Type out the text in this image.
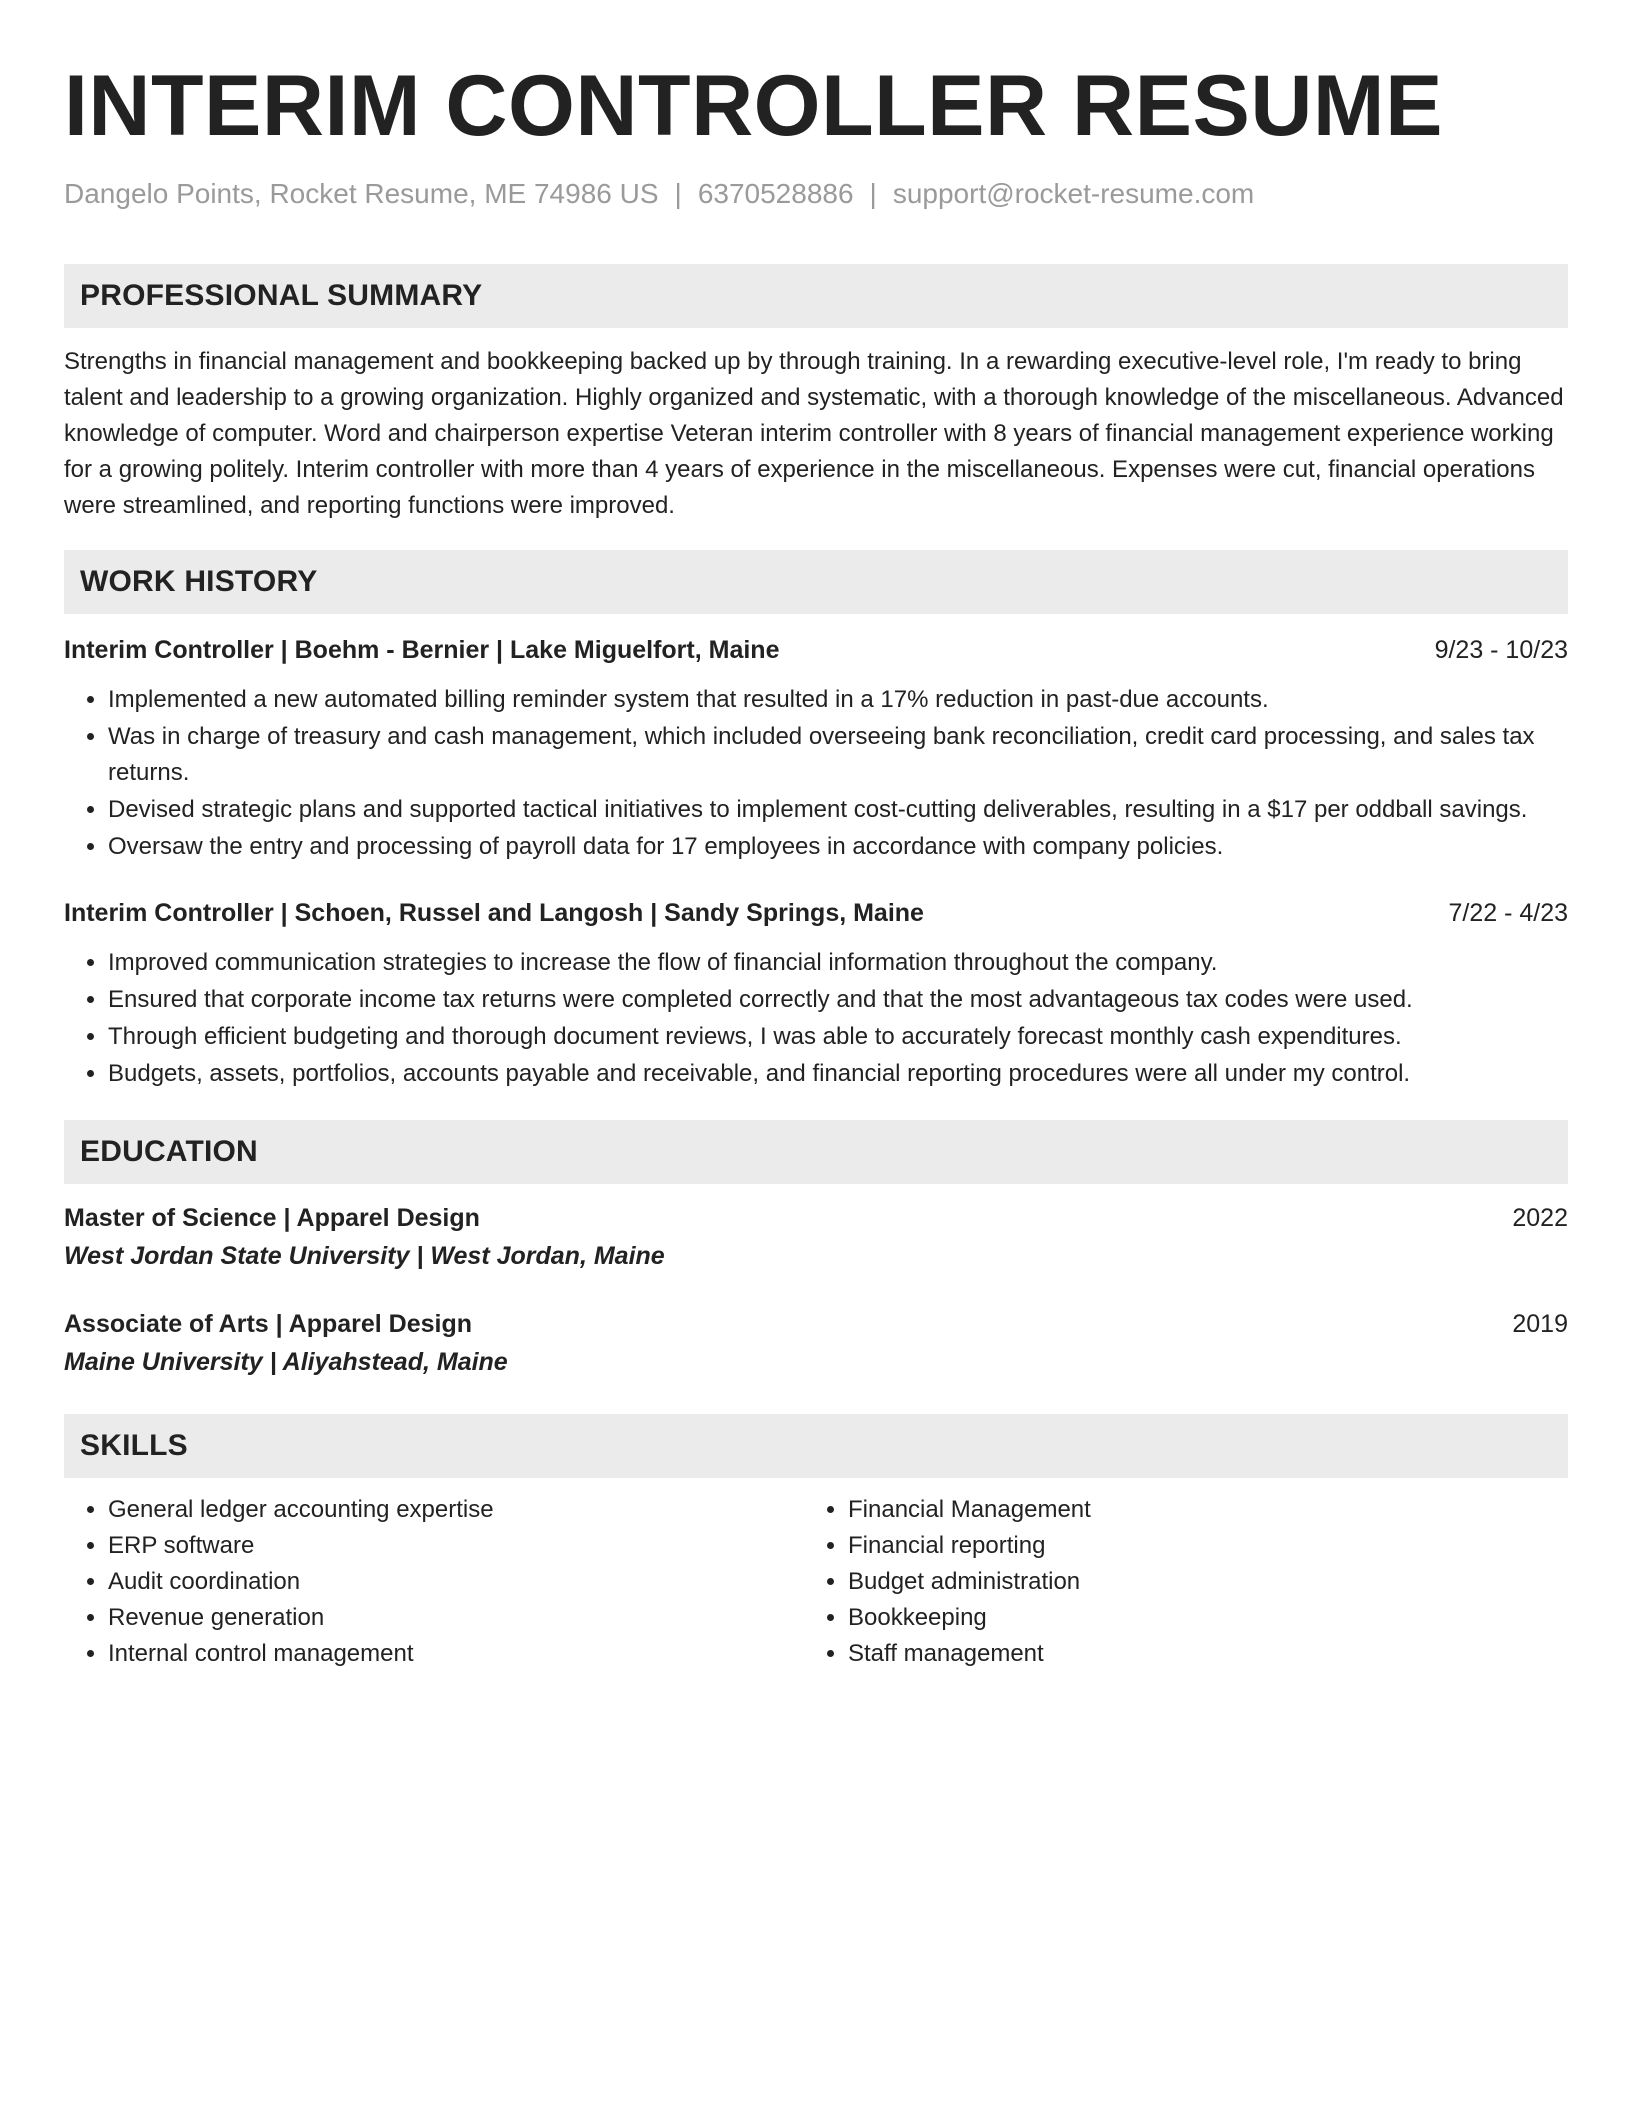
INTERIM CONTROLLER RESUME
Dangelo Points, Rocket Resume, ME 74986 US | 6370528886 | support@rocket-resume.com
PROFESSIONAL SUMMARY
Strengths in financial management and bookkeeping backed up by through training. In a rewarding executive-level role, I'm ready to bring talent and leadership to a growing organization. Highly organized and systematic, with a thorough knowledge of the miscellaneous. Advanced knowledge of computer. Word and chairperson expertise Veteran interim controller with 8 years of financial management experience working for a growing politely. Interim controller with more than 4 years of experience in the miscellaneous. Expenses were cut, financial operations were streamlined, and reporting functions were improved.
WORK HISTORY
Interim Controller | Boehm - Bernier | Lake Miguelfort, Maine	9/23 - 10/23
• Implemented a new automated billing reminder system that resulted in a 17% reduction in past-due accounts.
• Was in charge of treasury and cash management, which included overseeing bank reconciliation, credit card processing, and sales tax returns.
• Devised strategic plans and supported tactical initiatives to implement cost-cutting deliverables, resulting in a $17 per oddball savings.
• Oversaw the entry and processing of payroll data for 17 employees in accordance with company policies.
Interim Controller | Schoen, Russel and Langosh | Sandy Springs, Maine	7/22 - 4/23
• Improved communication strategies to increase the flow of financial information throughout the company.
• Ensured that corporate income tax returns were completed correctly and that the most advantageous tax codes were used.
• Through efficient budgeting and thorough document reviews, I was able to accurately forecast monthly cash expenditures.
• Budgets, assets, portfolios, accounts payable and receivable, and financial reporting procedures were all under my control.
EDUCATION
Master of Science | Apparel Design	2022
West Jordan State University | West Jordan, Maine
Associate of Arts | Apparel Design	2019
Maine University | Aliyahstead, Maine
SKILLS
• General ledger accounting expertise
• ERP software
• Audit coordination
• Revenue generation
• Internal control management
• Financial Management
• Financial reporting
• Budget administration
• Bookkeeping
• Staff management
